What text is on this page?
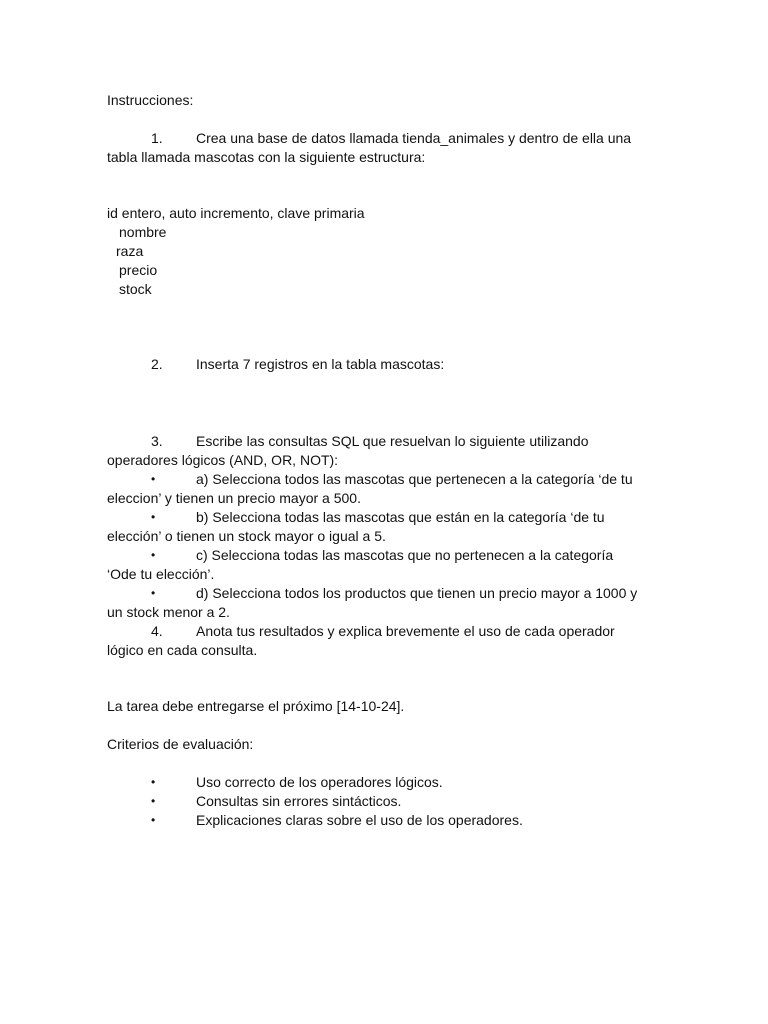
Instrucciones:
1. Crea una base de datos llamada tienda_animales y dentro de ella una
tabla llamada mascotas con la siguiente estructura:
id entero, auto incremento, clave primaria
nombre
raza
precio
stock
2. Inserta 7 registros en la tabla mascotas:
3. Escribe las consultas SQL que resuelvan lo siguiente utilizando
operadores lógicos (AND, OR, NOT):
•	a) Selecciona todos las mascotas que pertenecen a la categoría ‘de tu
eleccion’ y tienen un precio mayor a 500.
•	b) Selecciona todas las mascotas que están en la categoría ‘de tu
elección’ o tienen un stock mayor o igual a 5.
•	c) Selecciona todas las mascotas que no pertenecen a la categoría
‘Ode tu elección’.
•	d) Selecciona todos los productos que tienen un precio mayor a 1000 y
un stock menor a 2.
4. Anota tus resultados y explica brevemente el uso de cada operador
lógico en cada consulta.
La tarea debe entregarse el próximo [14-10-24].
Criterios de evaluación:
•	Uso correcto de los operadores lógicos.
•	Consultas sin errores sintácticos.
•	Explicaciones claras sobre el uso de los operadores.
